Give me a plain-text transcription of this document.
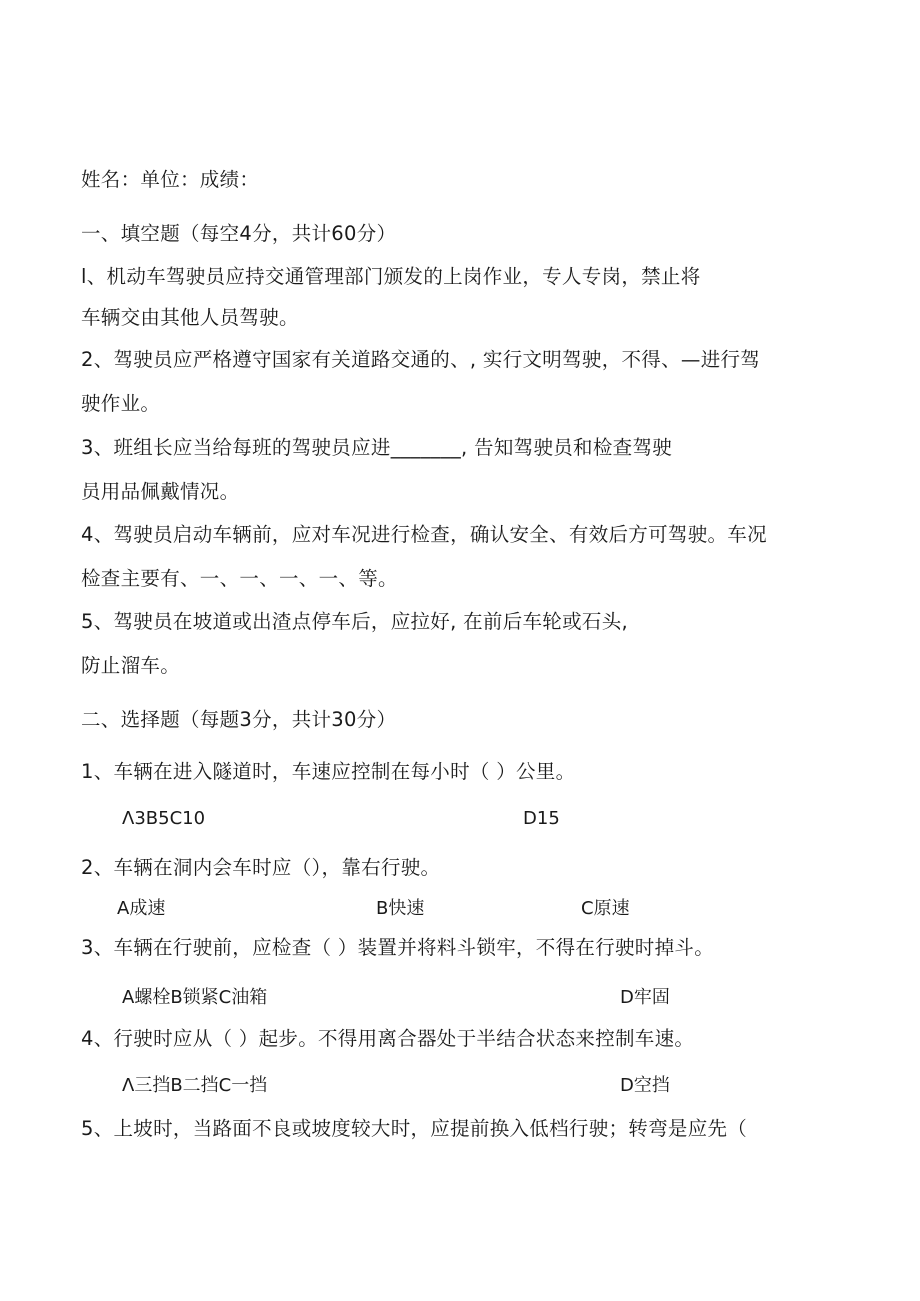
姓名：单位：成绩：
一、填空题（每空4分，共计60分）
l、机动车驾驶员应持交通管理部门颁发的上岗作业，专人专岗，禁止将
车辆交由其他人员驾驶。
2、驾驶员应严格遵守国家有关道路交通的、, 实行文明驾驶，不得、—进行驾
驶作业。
3、班组长应当给每班的驾驶员应进_______, 告知驾驶员和检查驾驶
员用品佩戴情况。
4、驾驶员启动车辆前，应对车况进行检查，确认安全、有效后方可驾驶。车况
检查主要有、一、一、一、一、等。
5、驾驶员在坡道或出渣点停车后，应拉好, 在前后车轮或石头,
防止溜车。
二、选择题（每题3分，共计30分）
1、车辆在进入隧道时，车速应控制在每小时（ ）公里。
Λ3B5C10	D15
2、车辆在洞内会车时应（），靠右行驶。
A成速	B快速	C原速
3、车辆在行驶前，应检查（ ）装置并将料斗锁牢，不得在行驶时掉斗。
A螺栓B锁紧C油箱	D牢固
4、行驶时应从（ ）起步。不得用离合器处于半结合状态来控制车速。
Λ三挡B二挡C一挡	D空挡
5、上坡时，当路面不良或坡度较大时，应提前换入低档行驶；转弯是应先（
